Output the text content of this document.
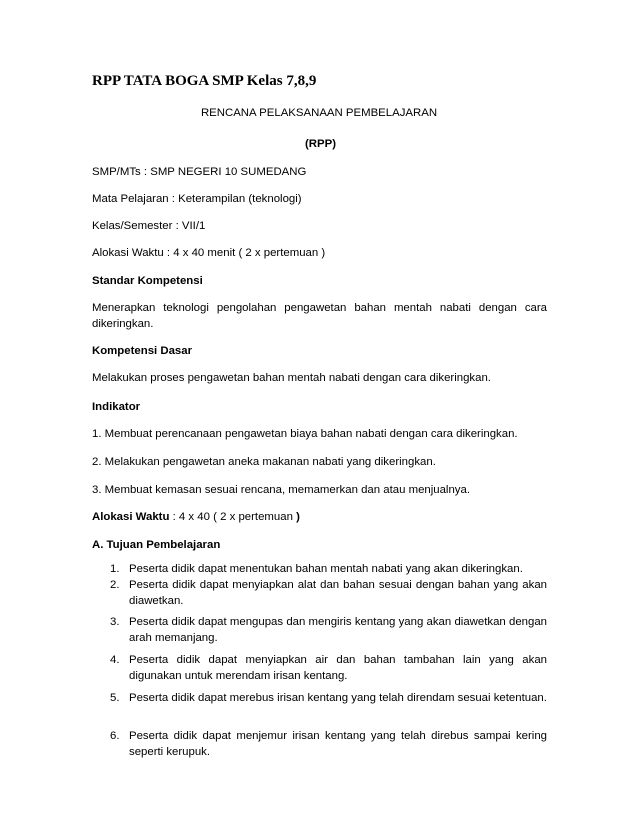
RPP TATA BOGA SMP Kelas 7,8,9
RENCANA PELAKSANAAN PEMBELAJARAN
(RPP)
SMP/MTs : SMP NEGERI 10 SUMEDANG
Mata Pelajaran : Keterampilan (teknologi)
Kelas/Semester : VII/1
Alokasi Waktu : 4 x 40 menit ( 2 x pertemuan )
Standar Kompetensi
Menerapkan teknologi pengolahan pengawetan bahan mentah nabati dengan cara dikeringkan.
Kompetensi Dasar
Melakukan proses pengawetan bahan mentah nabati dengan cara dikeringkan.
Indikator
1. Membuat perencanaan pengawetan biaya bahan nabati dengan cara dikeringkan.
2. Melakukan pengawetan aneka makanan nabati yang dikeringkan.
3. Membuat kemasan sesuai rencana, memamerkan dan atau menjualnya.
Alokasi Waktu : 4 x 40 ( 2 x pertemuan )
A. Tujuan Pembelajaran
1. Peserta didik dapat menentukan bahan mentah nabati yang akan dikeringkan.
2. Peserta didik dapat menyiapkan alat dan bahan sesuai dengan bahan yang akan diawetkan.
3. Peserta didik dapat mengupas dan mengiris kentang yang akan diawetkan dengan arah memanjang.
4. Peserta didik dapat menyiapkan air dan bahan tambahan lain yang akan digunakan untuk merendam irisan kentang.
5. Peserta didik dapat merebus irisan kentang yang telah direndam sesuai ketentuan.
6. Peserta didik dapat menjemur irisan kentang yang telah direbus sampai kering seperti kerupuk.
